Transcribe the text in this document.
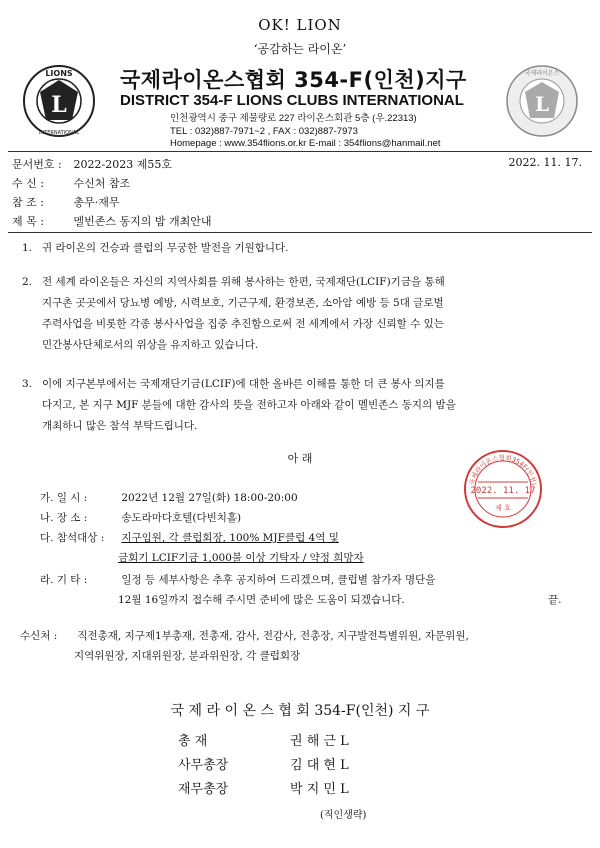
OK! LION
‘공감하는 라이온’
L
LIONS
INTERNATIONAL
국제라이온스협회 354-F(인천)지구
DISTRICT 354-F LIONS CLUBS INTERNATIONAL
인천광역시 중구 제물량로 227 라이온스회관 5층 (우.22313)
TEL : 032)887-7971~2 , FAX : 032)887-7973
Homepage : www.354flions.or.kr E-mail : 354flions@hanmail.net
L
국제라이온스
문서번호 : 2022-2023 제55호	2022. 11. 17.
수 신 :	수신처 참조
참 조 :	총무·재무
제 목 :	멜빈존스 동지의 밤 개최안내
1. 귀 라이온의 건승과 클럽의 무궁한 발전을 기원합니다.
2. 전 세계 라이온들은 자신의 지역사회를 위해 봉사하는 한편, 국제재단(LCIF)기금을 통해
지구촌 곳곳에서 당뇨병 예방, 시력보호, 기근구제, 환경보존, 소아암 예방 등 5대 글로벌
주력사업을 비롯한 각종 봉사사업을 집중 추진함으로써 전 세계에서 가장 신뢰할 수 있는
민간봉사단체로서의 위상을 유지하고 있습니다.
3. 이에 지구본부에서는 국제재단기금(LCIF)에 대한 올바른 이해를 통한 더 큰 봉사 의지를
다지고, 본 지구 MJF 분들에 대한 감사의 뜻을 전하고자 아래와 같이 멜빈존스 동지의 밤을
개최하니 많은 참석 부탁드립니다.
아 래
국제라이온스협회354F(인천)
2022. 11. 17
제 호
가. 일 시 :	2022년 12월 27일(화) 18:00-20:00
나. 장 소 :	송도라마다호텔(다빈치홀)
다. 참석대상 : 지구임원, 각 클럽회장, 100% MJF클럽 4역 및
금회기 LCIF기금 1,000불 이상 기탁자 / 약정 희망자
라. 기 타 :	일정 등 세부사항은 추후 공지하여 드리겠으며, 클럽별 참가자 명단을
12월 16일까지 접수해 주시면 준비에 많은 도움이 되겠습니다.	끝.
수신처 : 직전총재, 지구제1부총재, 전총재, 감사, 전감사, 전총장, 지구발전특별위원, 자문위원,
지역위원장, 지대위원장, 분과위원장, 각 클럽회장
국 제 라 이 온 스 협 회 354-F(인천) 지 구
총 재	권 해 근 L
사무총장	김 대 현 L
재무총장	박 지 민 L
(직인생략)
